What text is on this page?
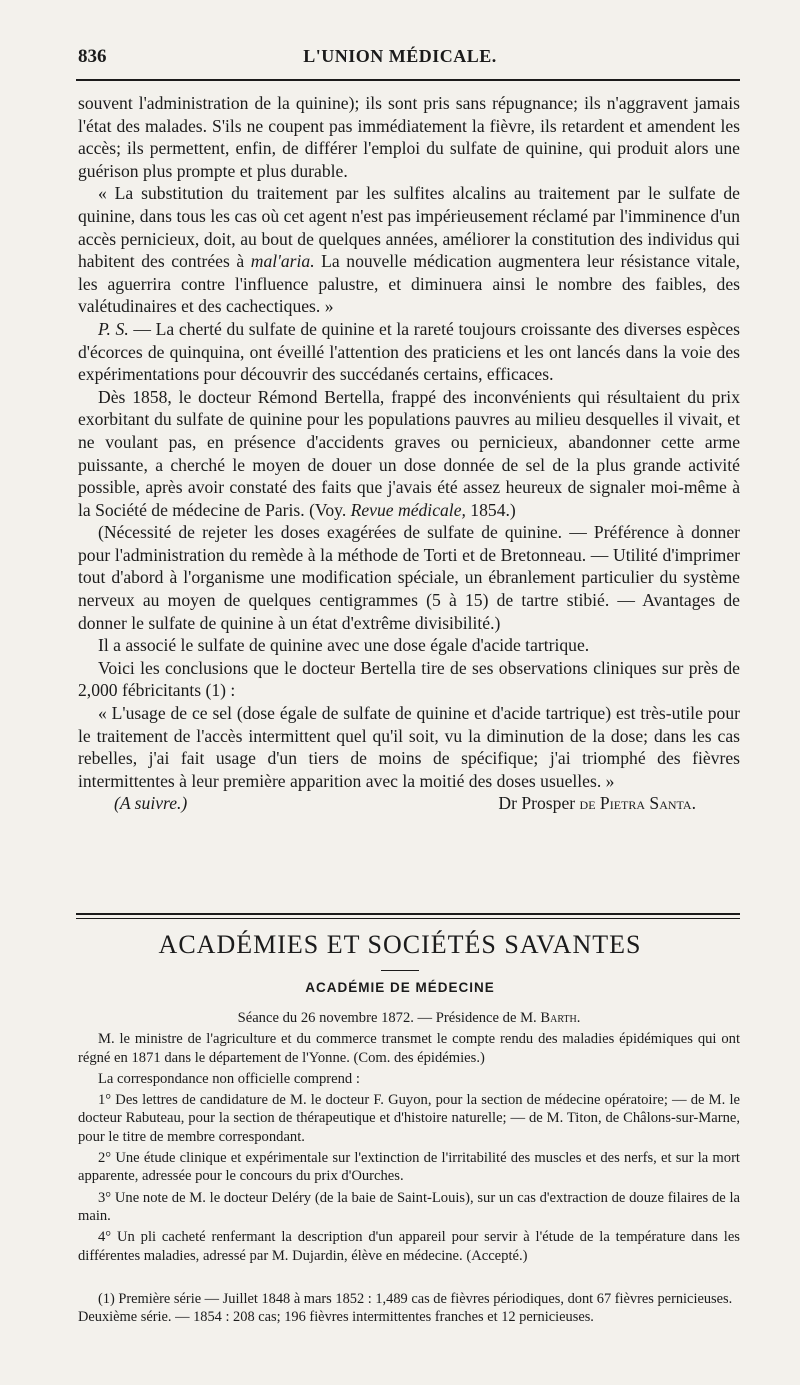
836	L'UNION MÉDICALE.

souvent l'administration de la quinine); ils sont pris sans répugnance; ils n'aggravent jamais l'état des malades. S'ils ne coupent pas immédiatement la fièvre, ils retardent et amendent les accès; ils permettent, enfin, de différer l'emploi du sulfate de quinine, qui produit alors une guérison plus prompte et plus durable.

« La substitution du traitement par les sulfites alcalins au traitement par le sulfate de quinine, dans tous les cas où cet agent n'est pas impérieusement réclamé par l'imminence d'un accès pernicieux, doit, au bout de quelques années, améliorer la constitution des individus qui habitent des contrées à mal'aria. La nouvelle médication augmentera leur résistance vitale, les aguerrira contre l'influence palustre, et diminuera ainsi le nombre des faibles, des valétudinaires et des cachectiques. »

P. S. — La cherté du sulfate de quinine et la rareté toujours croissante des diverses espèces d'écorces de quinquina, ont éveillé l'attention des praticiens et les ont lancés dans la voie des expérimentations pour découvrir des succédanés certains, efficaces.

Dès 1858, le docteur Rémond Bertella, frappé des inconvénients qui résultaient du prix exorbitant du sulfate de quinine pour les populations pauvres au milieu desquelles il vivait, et ne voulant pas, en présence d'accidents graves ou pernicieux, abandonner cette arme puissante, a cherché le moyen de douer un dose donnée de sel de la plus grande activité possible, après avoir constaté des faits que j'avais été assez heureux de signaler moi-même à la Société de médecine de Paris. (Voy. Revue médicale, 1854.)

(Nécessité de rejeter les doses exagérées de sulfate de quinine. — Préférence à donner pour l'administration du remède à la méthode de Torti et de Bretonneau. — Utilité d'imprimer tout d'abord à l'organisme une modification spéciale, un ébranlement particulier du système nerveux au moyen de quelques centigrammes (5 à 15) de tartre stibié. — Avantages de donner le sulfate de quinine à un état d'extrême divisibilité.)

Il a associé le sulfate de quinine avec une dose égale d'acide tartrique.

Voici les conclusions que le docteur Bertella tire de ses observations cliniques sur près de 2,000 fébricitants (1) :

« L'usage de ce sel (dose égale de sulfate de quinine et d'acide tartrique) est très-utile pour le traitement de l'accès intermittent quel qu'il soit, vu la diminution de la dose; dans les cas rebelles, j'ai fait usage d'un tiers de moins de spécifique; j'ai triomphé des fièvres intermittentes à leur première apparition avec la moitié des doses usuelles. »

(A suivre.)	Dr Prosper de Pietra Santa.
ACADÉMIES ET SOCIÉTÉS SAVANTES
ACADÉMIE DE MÉDECINE

Séance du 26 novembre 1872. — Présidence de M. Barth.

M. le ministre de l'agriculture et du commerce transmet le compte rendu des maladies épidémiques qui ont régné en 1871 dans le département de l'Yonne. (Com. des épidémies.)

La correspondance non officielle comprend :

1° Des lettres de candidature de M. le docteur F. Guyon, pour la section de médecine opératoire; — de M. le docteur Rabuteau, pour la section de thérapeutique et d'histoire naturelle; — de M. Titon, de Châlons-sur-Marne, pour le titre de membre correspondant.

2° Une étude clinique et expérimentale sur l'extinction de l'irritabilité des muscles et des nerfs, et sur la mort apparente, adressée pour le concours du prix d'Ourches.

3° Une note de M. le docteur Deléry (de la baie de Saint-Louis), sur un cas d'extraction de douze filaires de la main.

4° Un pli cacheté renfermant la description d'un appareil pour servir à l'étude de la température dans les différentes maladies, adressé par M. Dujardin, élève en médecine. (Accepté.)

(1) Première série — Juillet 1848 à mars 1852 : 1,489 cas de fièvres périodiques, dont 67 fièvres pernicieuses.

Deuxième série. — 1854 : 208 cas; 196 fièvres intermittentes franches et 12 pernicieuses.
